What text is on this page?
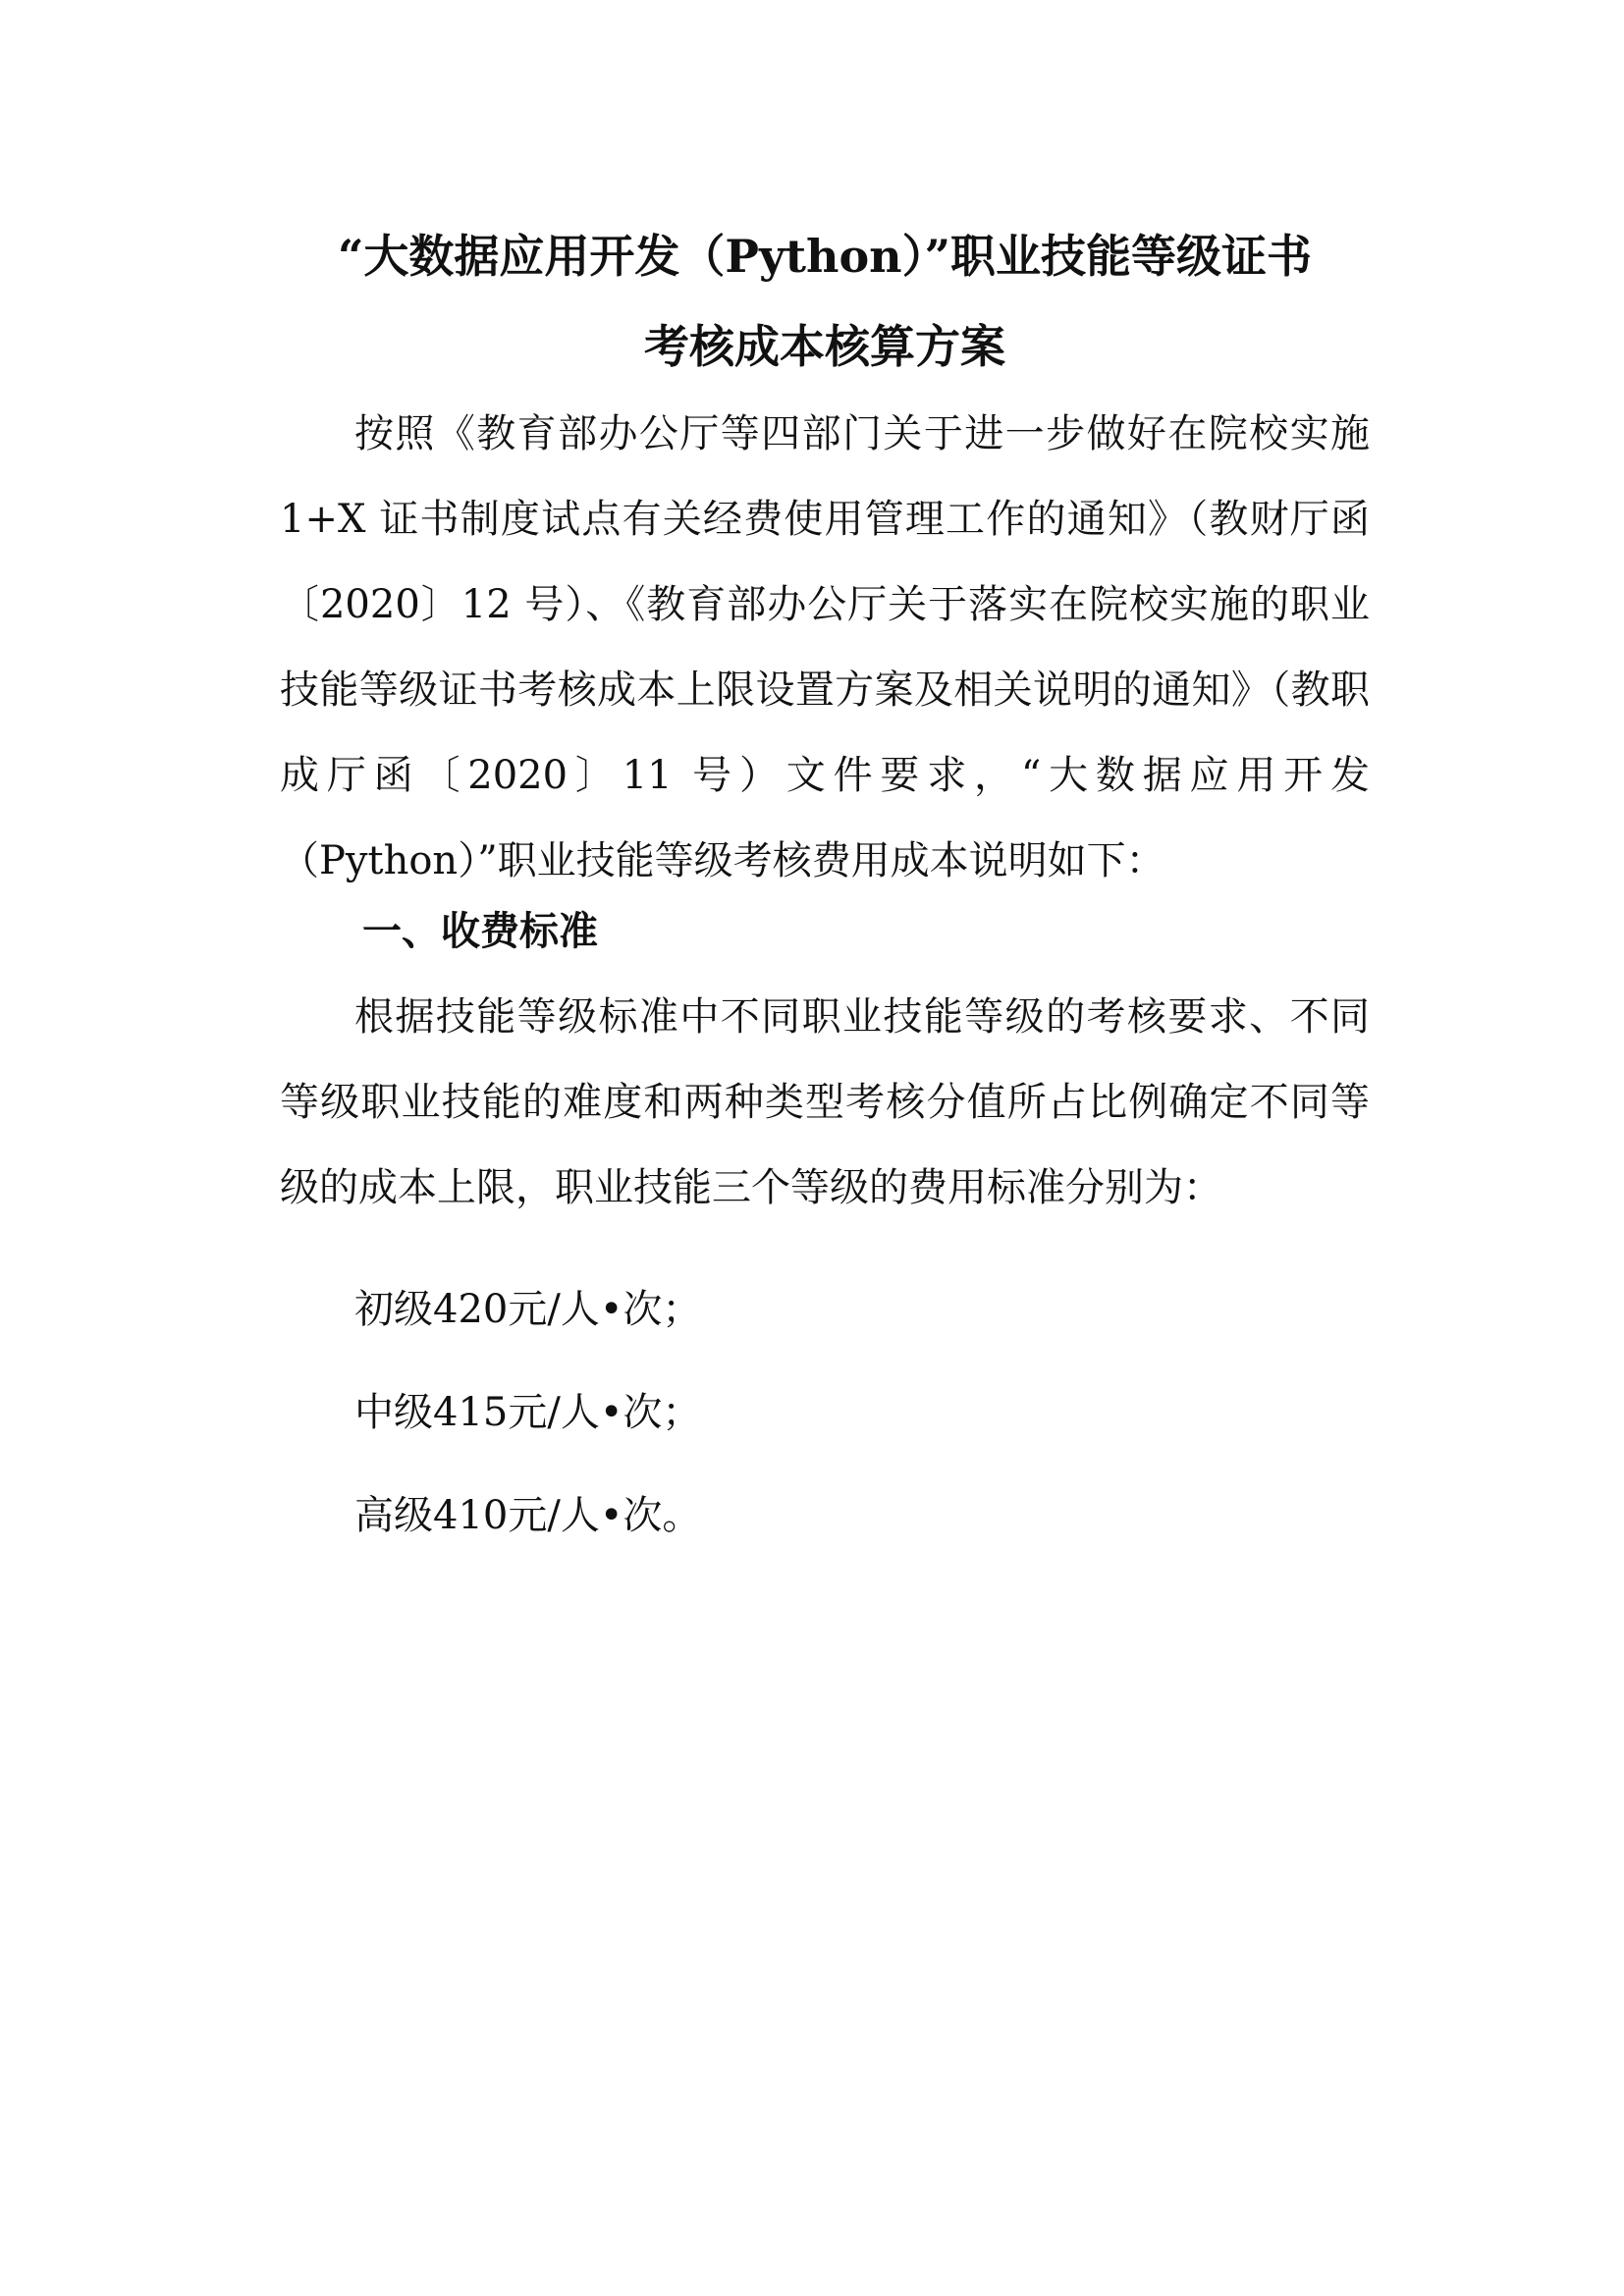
“大数据应用开发（Python）”职业技能等级证书
考核成本核算方案

按照《教育部办公厅等四部门关于进一步做好在院校实施1+X 证书制度试点有关经费使用管理工作的通知》（教财厅函〔2020〕12 号）、《教育部办公厅关于落实在院校实施的职业技能等级证书考核成本上限设置方案及相关说明的通知》（教职成厅函〔2020〕11 号）文件要求，“大数据应用开发（Python）”职业技能等级考核费用成本说明如下：

一、收费标准

根据技能等级标准中不同职业技能等级的考核要求、不同等级职业技能的难度和两种类型考核分值所占比例确定不同等级的成本上限，职业技能三个等级的费用标准分别为：

初级420元/人•次；

中级415元/人•次；

高级410元/人•次。
